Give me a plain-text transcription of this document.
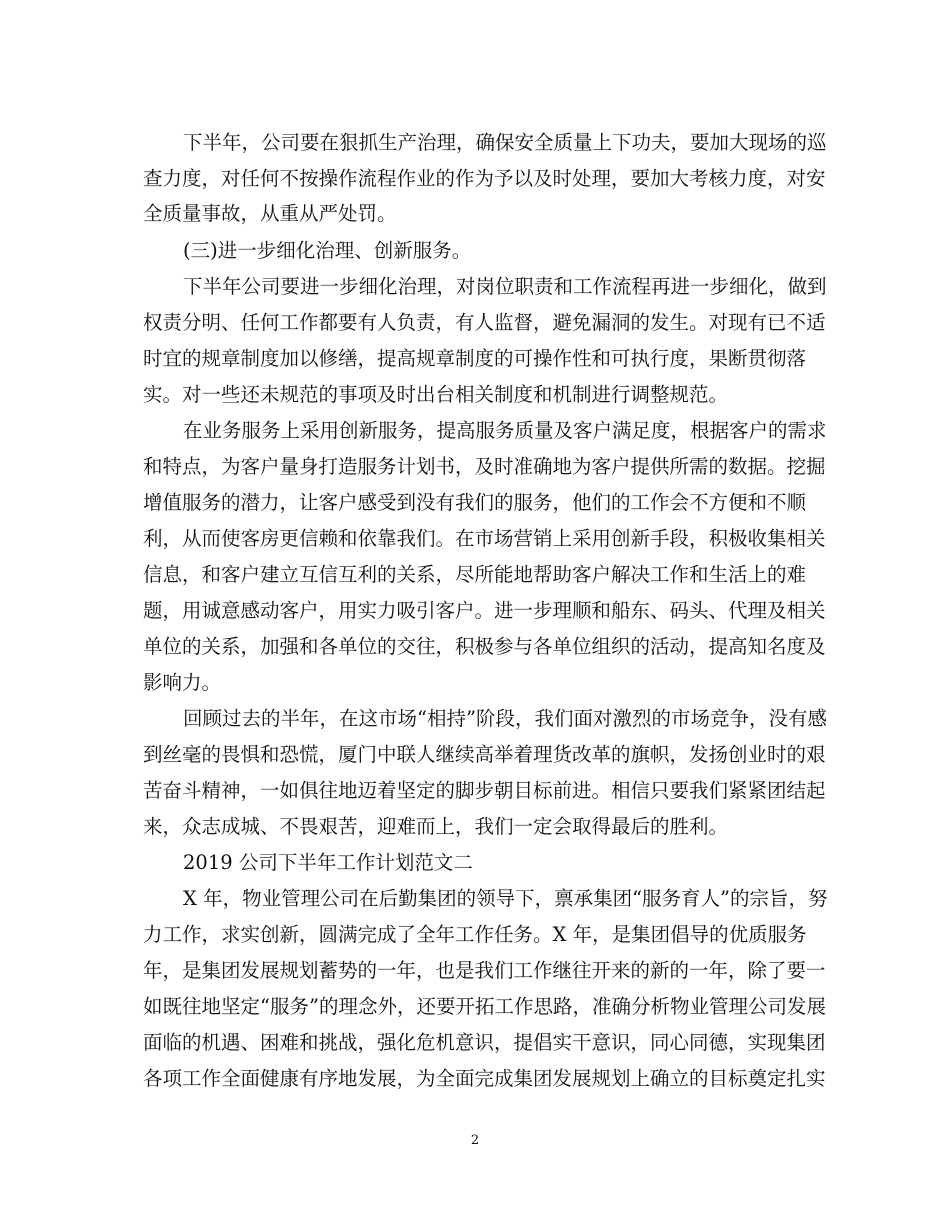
下半年，公司要在狠抓生产治理，确保安全质量上下功夫，要加大现场的巡
查力度，对任何不按操作流程作业的作为予以及时处理，要加大考核力度，对安
全质量事故，从重从严处罚。
(三)进一步细化治理、创新服务。
下半年公司要进一步细化治理，对岗位职责和工作流程再进一步细化，做到
权责分明、任何工作都要有人负责，有人监督，避免漏洞的发生。对现有已不适
时宜的规章制度加以修缮，提高规章制度的可操作性和可执行度，果断贯彻落
实。对一些还未规范的事项及时出台相关制度和机制进行调整规范。
在业务服务上采用创新服务，提高服务质量及客户满足度，根据客户的需求
和特点，为客户量身打造服务计划书，及时准确地为客户提供所需的数据。挖掘
增值服务的潜力，让客户感受到没有我们的服务，他们的工作会不方便和不顺
利，从而使客房更信赖和依靠我们。在市场营销上采用创新手段，积极收集相关
信息，和客户建立互信互利的关系，尽所能地帮助客户解决工作和生活上的难
题，用诚意感动客户，用实力吸引客户。进一步理顺和船东、码头、代理及相关
单位的关系，加强和各单位的交往，积极参与各单位组织的活动，提高知名度及
影响力。
回顾过去的半年，在这市场“相持”阶段，我们面对激烈的市场竞争，没有感
到丝毫的畏惧和恐慌，厦门中联人继续高举着理货改革的旗帜，发扬创业时的艰
苦奋斗精神，一如俱往地迈着坚定的脚步朝目标前进。相信只要我们紧紧团结起
来，众志成城、不畏艰苦，迎难而上，我们一定会取得最后的胜利。
2019 公司下半年工作计划范文二
X 年，物业管理公司在后勤集团的领导下，禀承集团“服务育人”的宗旨，努
力工作，求实创新，圆满完成了全年工作任务。X 年，是集团倡导的优质服务
年，是集团发展规划蓄势的一年，也是我们工作继往开来的新的一年，除了要一
如既往地坚定“服务”的理念外，还要开拓工作思路，准确分析物业管理公司发展
面临的机遇、困难和挑战，强化危机意识，提倡实干意识，同心同德，实现集团
各项工作全面健康有序地发展，为全面完成集团发展规划上确立的目标奠定扎实
2
